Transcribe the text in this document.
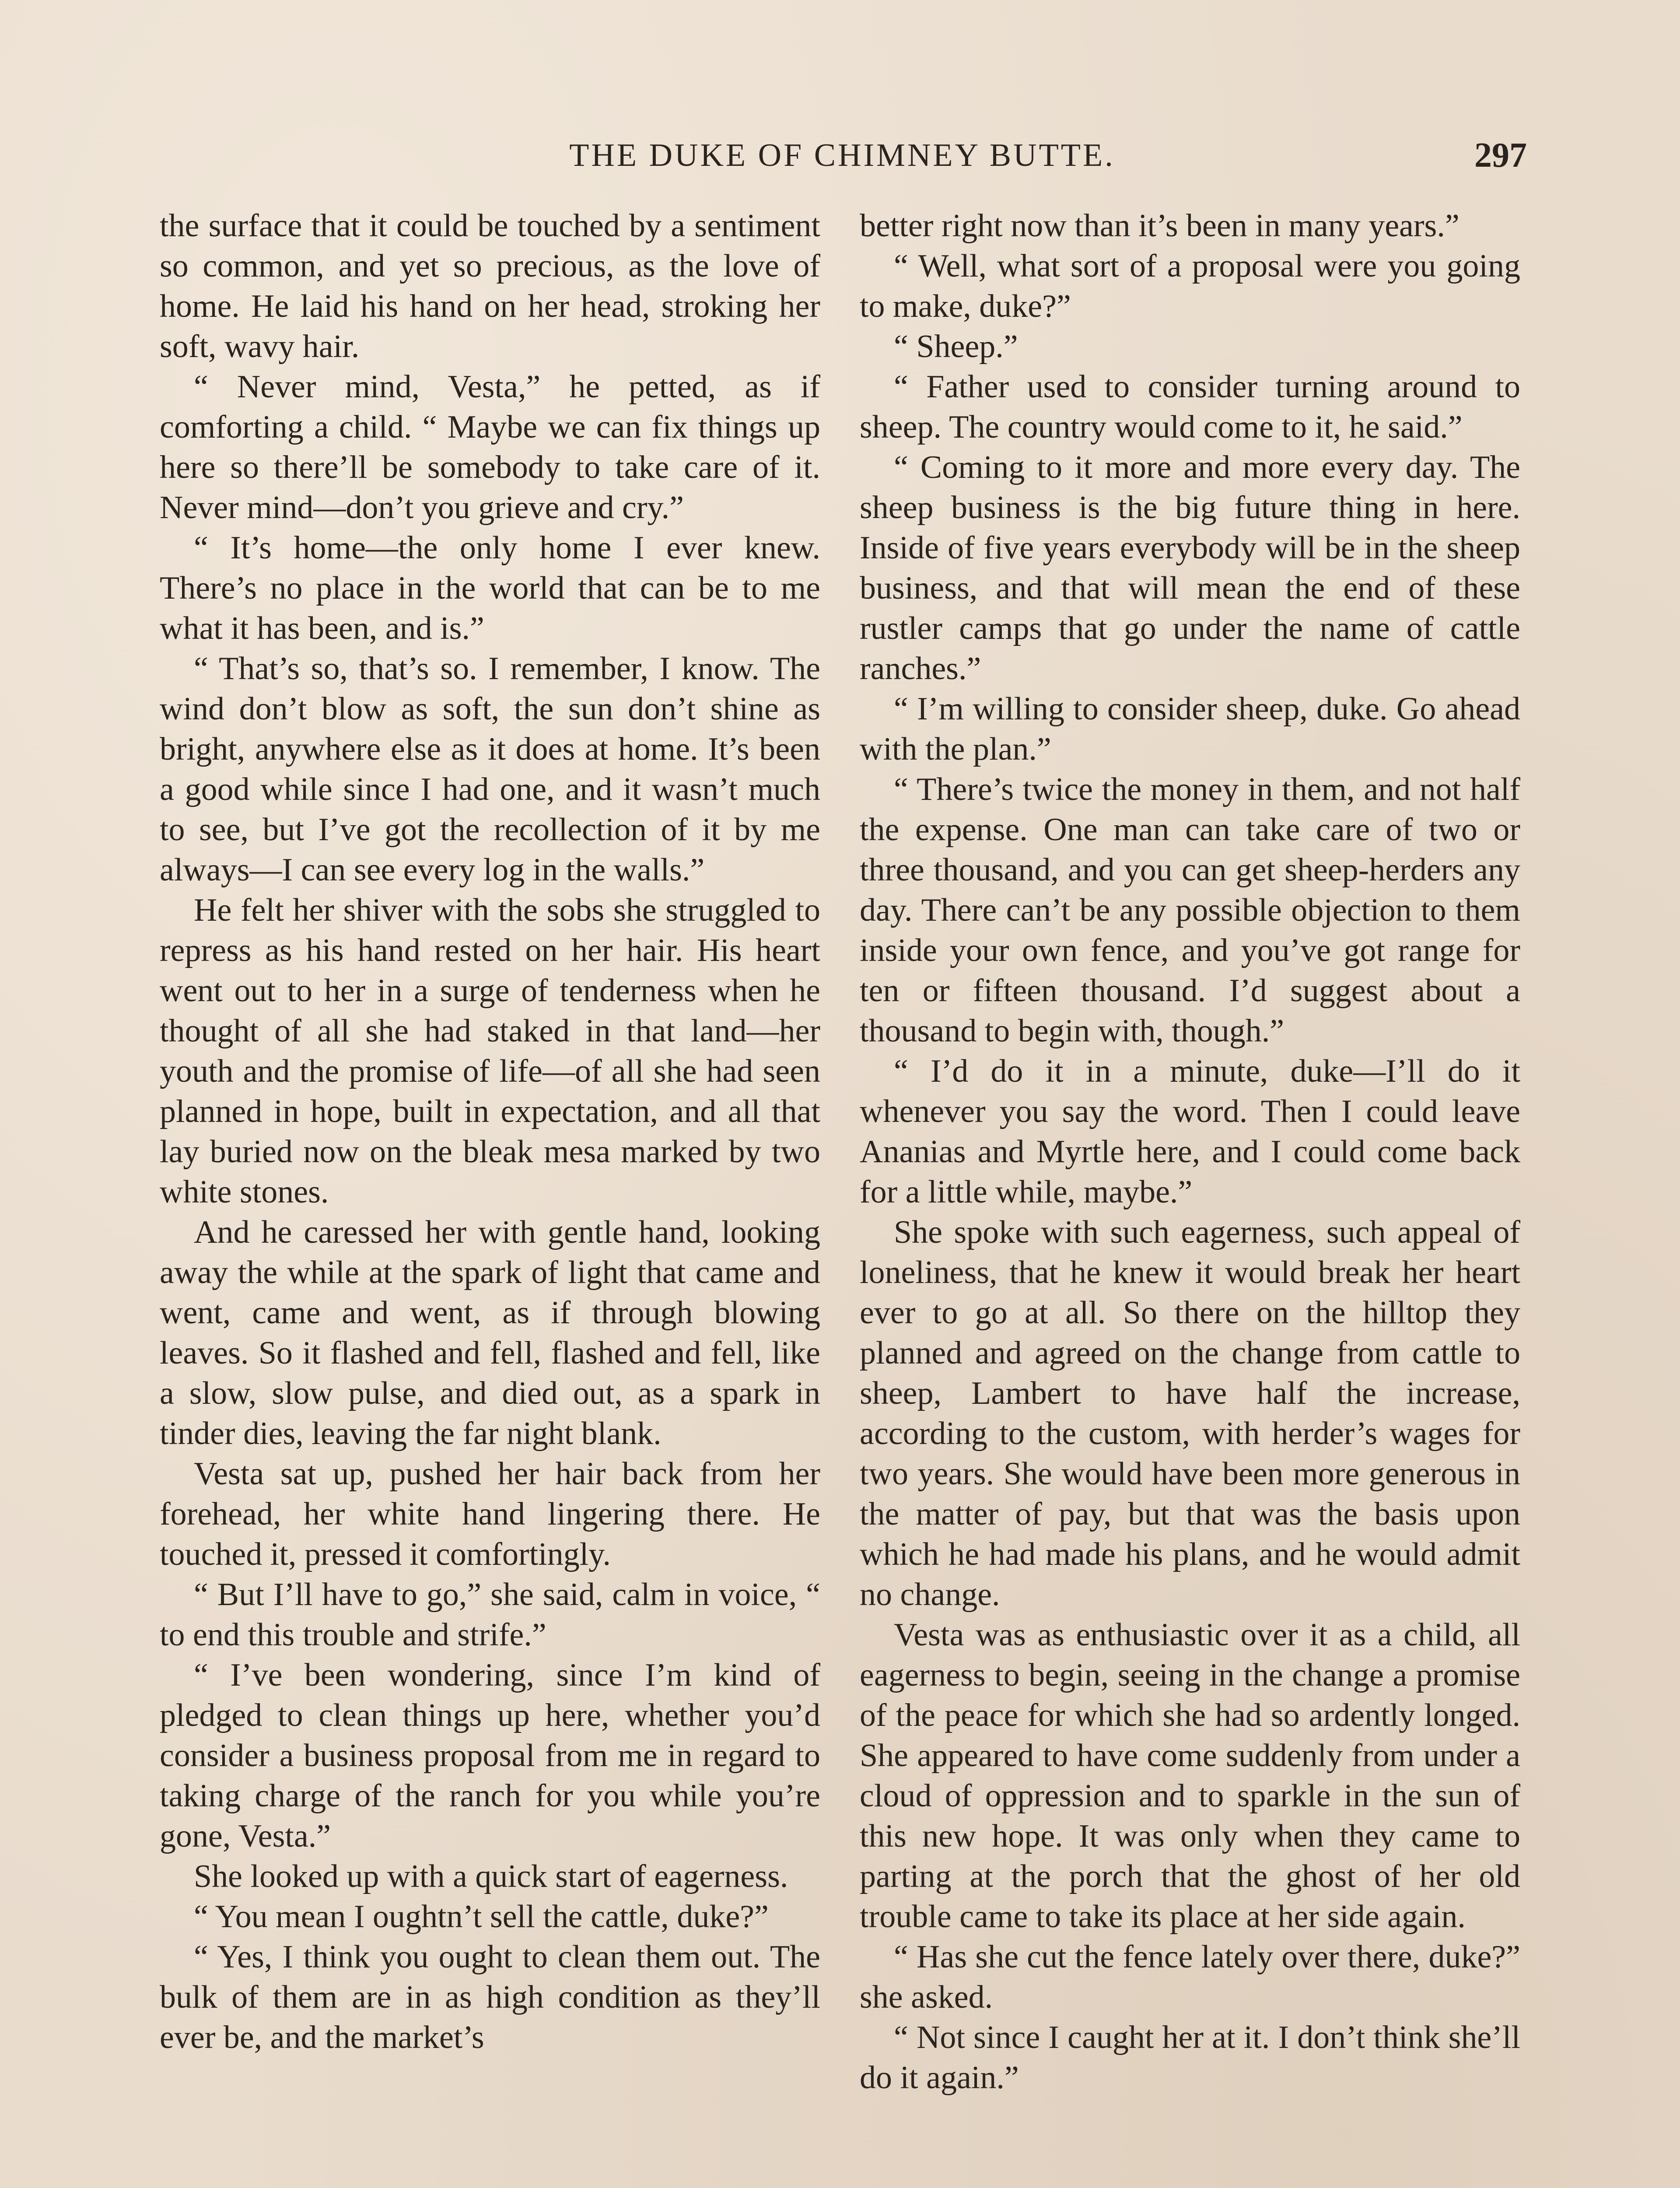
THE DUKE OF CHIMNEY BUTTE.	297

the surface that it could be touched by a sentiment so common, and yet so precious, as the love of home. He laid his hand on her head, stroking her soft, wavy hair.

“ Never mind, Vesta,” he petted, as if comforting a child. “ Maybe we can fix things up here so there’ll be somebody to take care of it. Never mind—don’t you grieve and cry.”

“ It’s home—the only home I ever knew. There’s no place in the world that can be to me what it has been, and is.”

“ That’s so, that’s so. I remember, I know. The wind don’t blow as soft, the sun don’t shine as bright, anywhere else as it does at home. It’s been a good while since I had one, and it wasn’t much to see, but I’ve got the recollection of it by me always—I can see every log in the walls.”

He felt her shiver with the sobs she struggled to repress as his hand rested on her hair. His heart went out to her in a surge of tenderness when he thought of all she had staked in that land—her youth and the promise of life—of all she had seen planned in hope, built in expectation, and all that lay buried now on the bleak mesa marked by two white stones.

And he caressed her with gentle hand, looking away the while at the spark of light that came and went, came and went, as if through blowing leaves. So it flashed and fell, flashed and fell, like a slow, slow pulse, and died out, as a spark in tinder dies, leaving the far night blank.

Vesta sat up, pushed her hair back from her forehead, her white hand lingering there. He touched it, pressed it comfortingly.

“ But I’ll have to go,” she said, calm in voice, “ to end this trouble and strife.”

“ I’ve been wondering, since I’m kind of pledged to clean things up here, whether you’d consider a business proposal from me in regard to taking charge of the ranch for you while you’re gone, Vesta.”

She looked up with a quick start of eagerness.

“ You mean I oughtn’t sell the cattle, duke?”

“ Yes, I think you ought to clean them out. The bulk of them are in as high condition as they’ll ever be, and the market’s

better right now than it’s been in many years.”

“ Well, what sort of a proposal were you going to make, duke?”

“ Sheep.”

“ Father used to consider turning around to sheep. The country would come to it, he said.”

“ Coming to it more and more every day. The sheep business is the big future thing in here. Inside of five years everybody will be in the sheep business, and that will mean the end of these rustler camps that go under the name of cattle ranches.”

“ I’m willing to consider sheep, duke. Go ahead with the plan.”

“ There’s twice the money in them, and not half the expense. One man can take care of two or three thousand, and you can get sheep-herders any day. There can’t be any possible objection to them inside your own fence, and you’ve got range for ten or fifteen thousand. I’d suggest about a thousand to begin with, though.”

“ I’d do it in a minute, duke—I’ll do it whenever you say the word. Then I could leave Ananias and Myrtle here, and I could come back for a little while, maybe.”

She spoke with such eagerness, such appeal of loneliness, that he knew it would break her heart ever to go at all. So there on the hilltop they planned and agreed on the change from cattle to sheep, Lambert to have half the increase, according to the custom, with herder’s wages for two years. She would have been more generous in the matter of pay, but that was the basis upon which he had made his plans, and he would admit no change.

Vesta was as enthusiastic over it as a child, all eagerness to begin, seeing in the change a promise of the peace for which she had so ardently longed. She appeared to have come suddenly from under a cloud of oppression and to sparkle in the sun of this new hope. It was only when they came to parting at the porch that the ghost of her old trouble came to take its place at her side again.

“ Has she cut the fence lately over there, duke?” she asked.

“ Not since I caught her at it. I don’t think she’ll do it again.”
